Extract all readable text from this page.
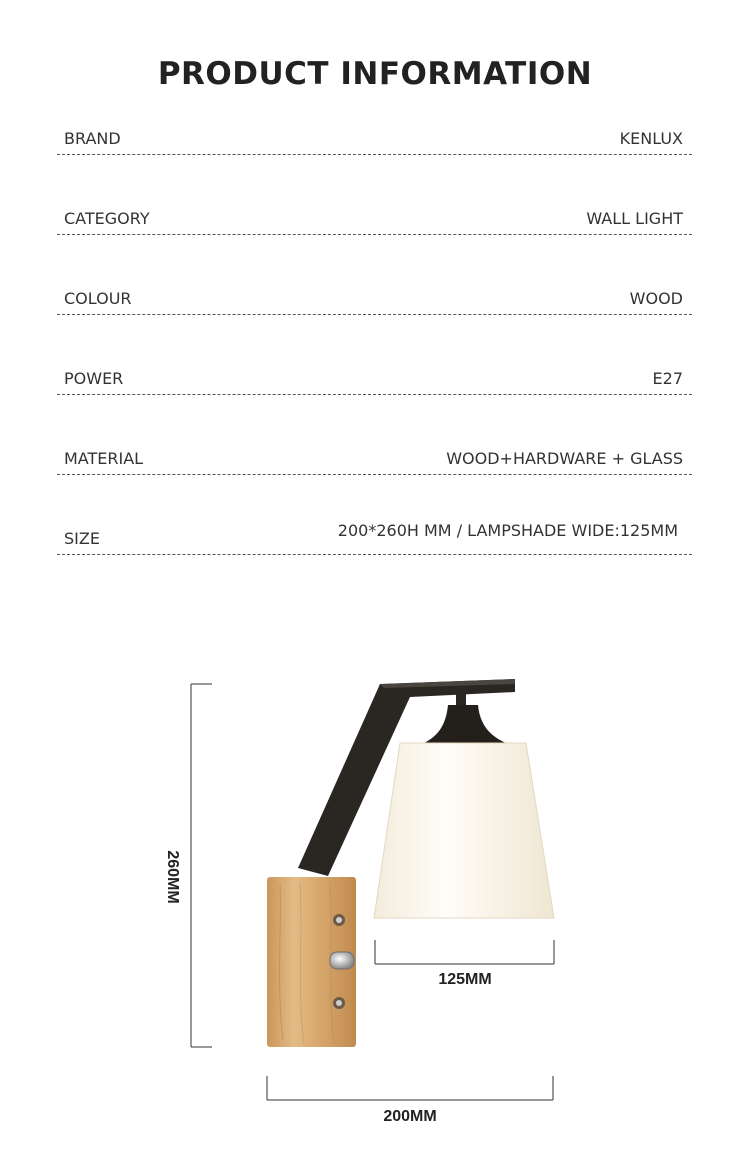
PRODUCT INFORMATION
BRAND	KENLUX
CATEGORY	WALL LIGHT
COLOUR	WOOD
POWER	E27
MATERIAL	WOOD+HARDWARE + GLASS
SIZE	200*260H MM / LAMPSHADE WIDE:125MM
260MM
125MM
200MM
